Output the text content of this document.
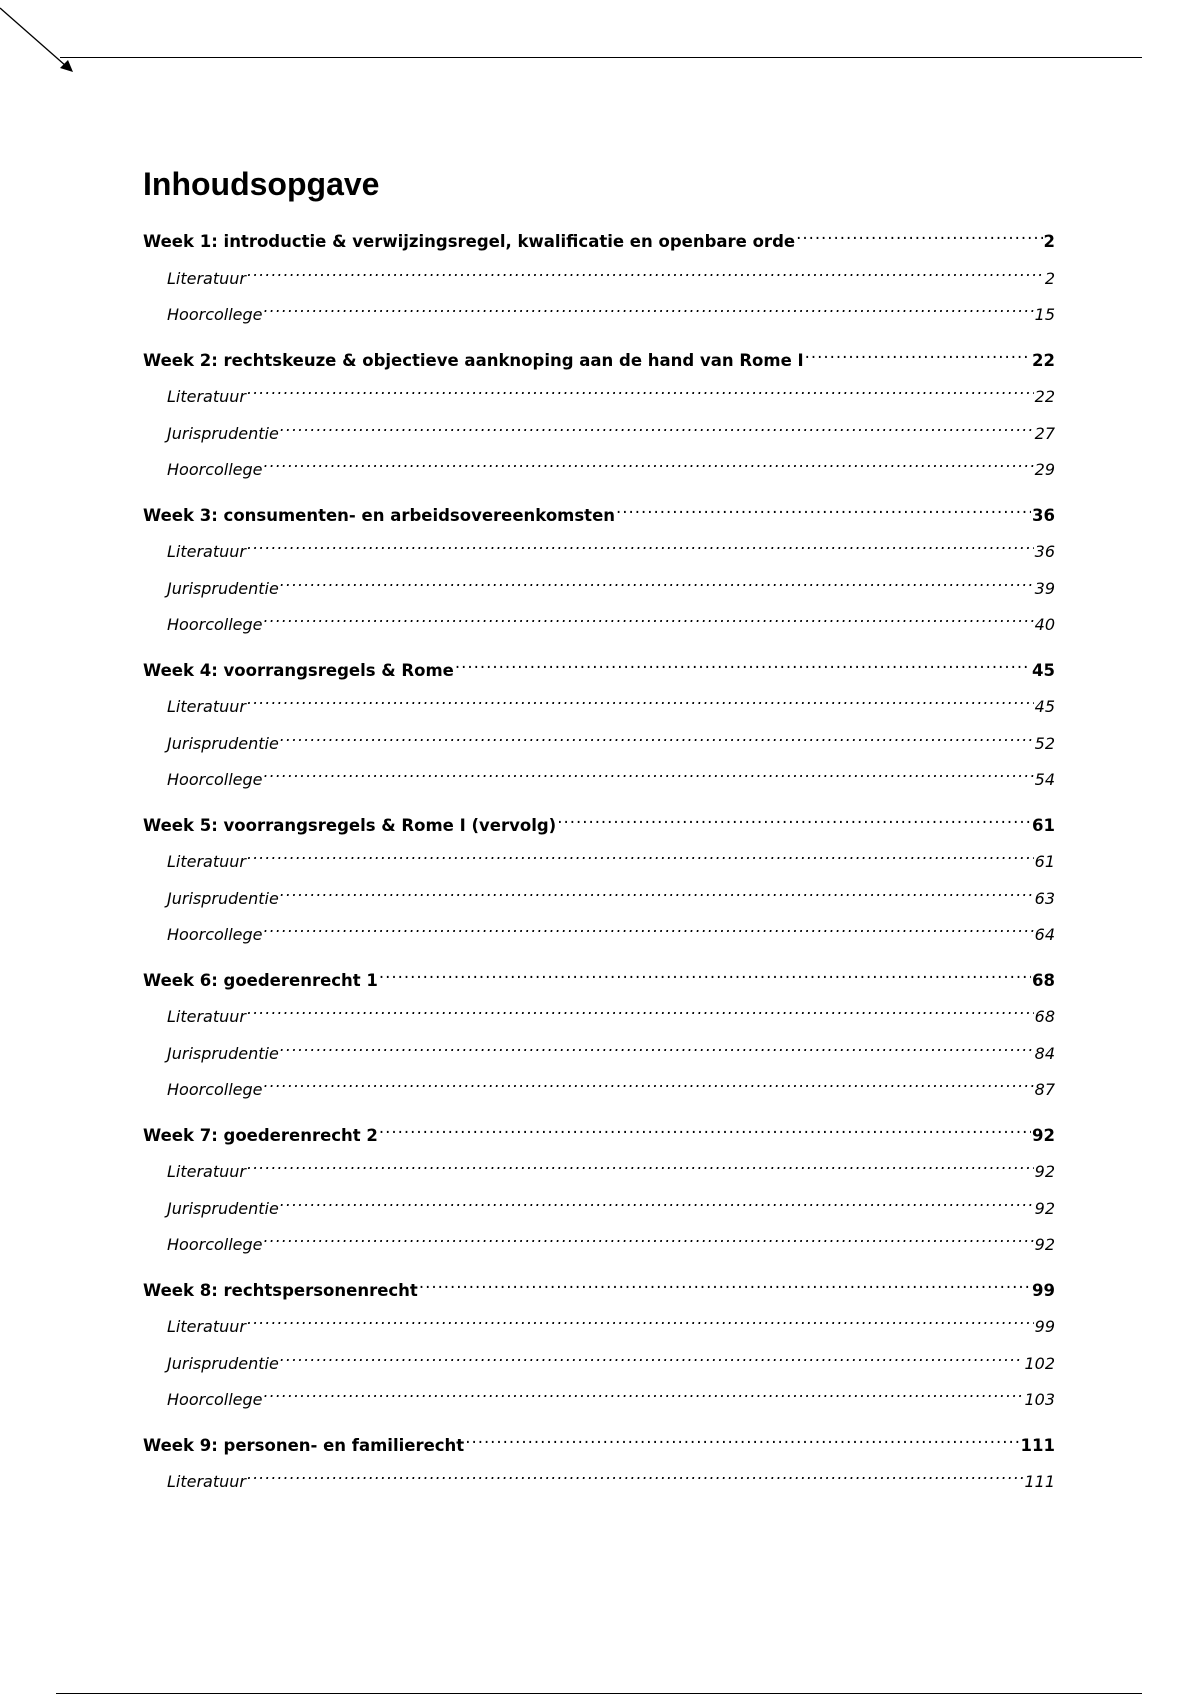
Inhoudsopgave
Week 1: introductie & verwijzingsregel, kwalificatie en openbare orde .....	2
Literatuur .....	2
Hoorcollege .....	15
Week 2: rechtskeuze & objectieve aanknoping aan de hand van Rome I .....	22
Literatuur .....	22
Jurisprudentie .....	27
Hoorcollege .....	29
Week 3: consumenten- en arbeidsovereenkomsten .....	36
Literatuur .....	36
Jurisprudentie .....	39
Hoorcollege .....	40
Week 4: voorrangsregels & Rome .....	45
Literatuur .....	45
Jurisprudentie .....	52
Hoorcollege .....	54
Week 5: voorrangsregels & Rome I (vervolg) .....	61
Literatuur .....	61
Jurisprudentie .....	63
Hoorcollege .....	64
Week 6: goederenrecht 1 .....	68
Literatuur .....	68
Jurisprudentie .....	84
Hoorcollege .....	87
Week 7: goederenrecht 2 .....	92
Literatuur .....	92
Jurisprudentie .....	92
Hoorcollege .....	92
Week 8: rechtspersonenrecht .....	99
Literatuur .....	99
Jurisprudentie .....	102
Hoorcollege .....	103
Week 9: personen- en familierecht .....	111
Literatuur .....	111
